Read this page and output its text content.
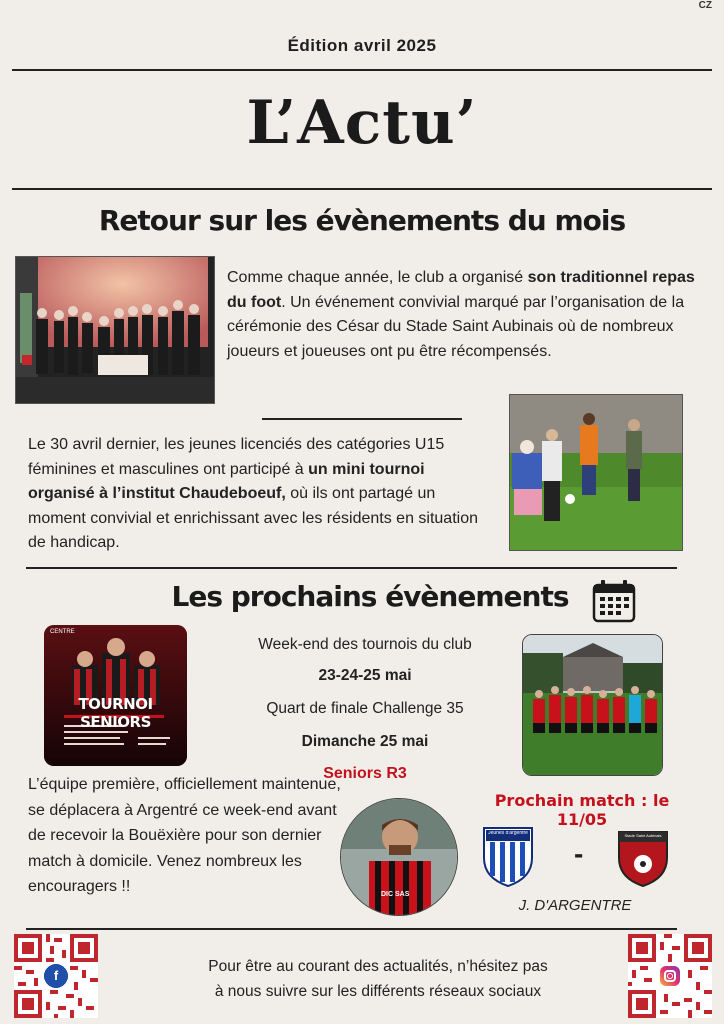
CZ
Édition avril 2025
L’Actu’
Retour sur les évènements du mois
Comme chaque année, le club a organisé son traditionnel repas du foot. Un événement convivial marqué par l’organisation de la cérémonie des César du Stade Saint Aubinais où de nombreux joueurs et joueuses ont pu être récompensés.
Le 30 avril dernier, les jeunes licenciés des catégories U15 féminines et masculines ont participé à un mini tournoi organisé à l’institut Chaudeboeuf, où ils ont partagé un moment convivial et enrichissant avec les résidents en situation de handicap.
Les prochains évènements
CENTRE
TOURNOI SENIORS
Week-end des tournois du club
23-24-25 mai
Quart de finale Challenge 35
Dimanche 25 mai
Seniors R3
L’équipe première, officiellement maintenue, se déplacera à Argentré ce week-end avant de recevoir la Bouëxière pour son dernier match à domicile. Venez nombreux les encouragers !!	DIC SAS
Prochain match : le 11/05
Jeunes d'argentré
-
Stade Saint Aubinais
J. D'ARGENTRE
f
Pour être au courant des actualités, n’hésitez pas
à nous suivre sur les différents réseaux sociaux
